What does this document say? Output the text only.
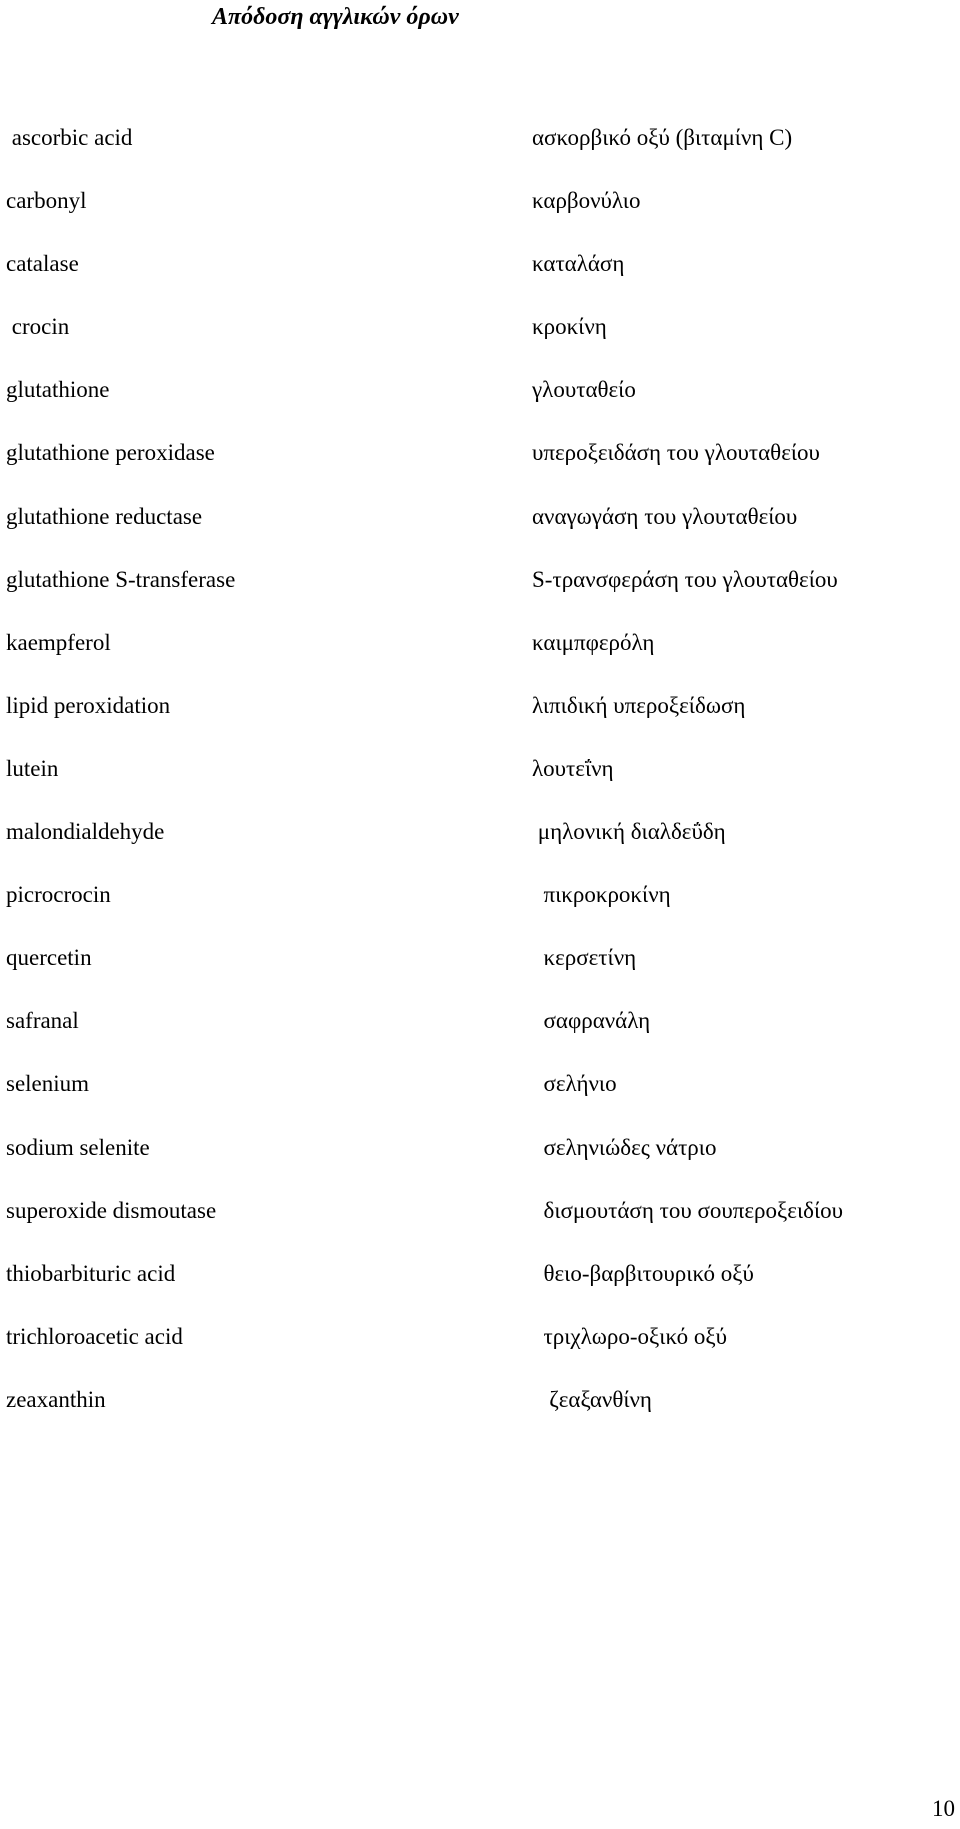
Απόδοση αγγλικών όρων
ascorbic acid	ασκορβικό οξύ (βιταμίνη C)
carbonyl	καρβονύλιο
catalase	καταλάση
crocin	κροκίνη
glutathione	γλουταθείο
glutathione peroxidase	υπεροξειδάση του γλουταθείου
glutathione reductase	αναγωγάση του γλουταθείου
glutathione S-transferase	S-τρανσφεράση του γλουταθείου
kaempferol	καιμπφερόλη
lipid peroxidation	λιπιδική υπεροξείδωση
lutein	λουτεΐνη
malondialdehyde	μηλονική διαλδεΰδη
picrocrocin	πικροκροκίνη
quercetin	κερσετίνη
safranal	σαφρανάλη
selenium	σελήνιο
sodium selenite	σεληνιώδες νάτριο
superoxide dismoutase	δισμουτάση του σουπεροξειδίου
thiobarbituric acid	θειο-βαρβιτουρικό οξύ
trichloroacetic acid	τριχλωρο-οξικό οξύ
zeaxanthin	ζεαξανθίνη
10
